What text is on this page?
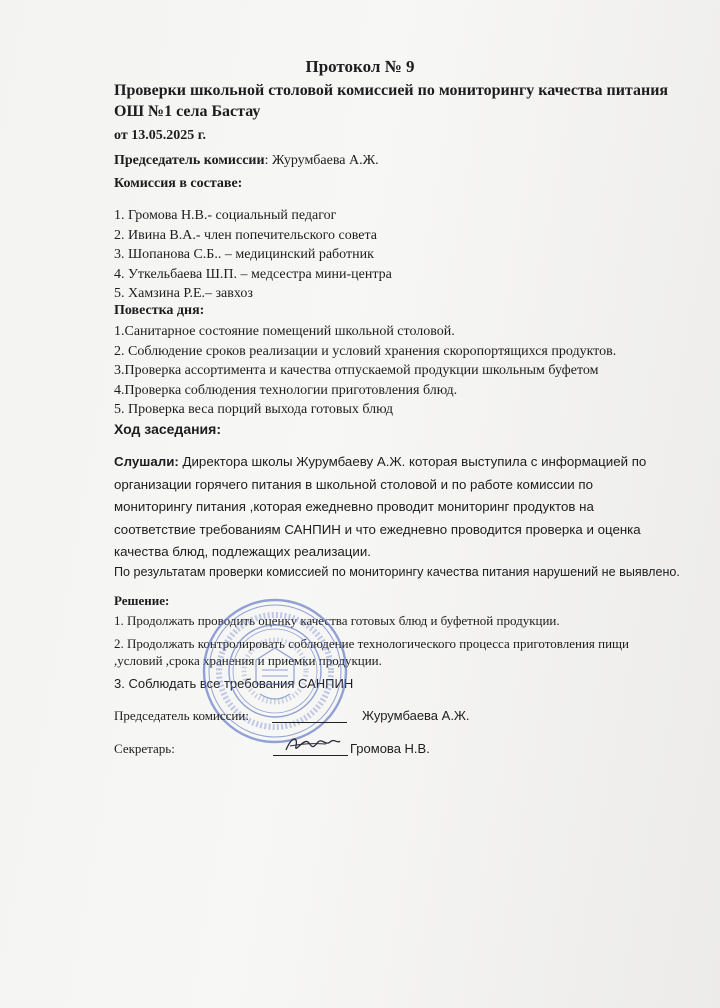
Протокол № 9
Проверки школьной столовой комиссией по мониторингу качества питания ОШ №1 села Бастау
от 13.05.2025 г.
Председатель комиссии: Журумбаева А.Ж.
Комиссия в составе:
1. Громова Н.В.- социальный педагог
2. Ивина В.А.- член попечительского совета
3. Шопанова С.Б.. – медицинский работник
4. Уткельбаева Ш.П. – медсестра мини-центра
5. Хамзина Р.Е.– завхоз
Повестка дня:
1.Санитарное состояние помещений школьной столовой.
2. Соблюдение сроков реализации и условий хранения скоропортящихся продуктов.
3.Проверка ассортимента и качества отпускаемой продукции школьным буфетом
4.Проверка соблюдения технологии приготовления блюд.
5. Проверка веса порций выхода готовых блюд
Ход заседания:
Слушали: Директора школы Журумбаеву А.Ж. которая выступила с информацией по организации горячего питания в школьной столовой и по работе комиссии по мониторингу питания ,которая ежедневно проводит мониторинг продуктов на соответствие требованиям САНПИН и что ежедневно проводится проверка и оценка качества блюд, подлежащих реализации.
По результатам проверки комиссией по мониторингу качества питания нарушений не выявлено.
Решение:
1. Продолжать проводить оценку качества готовых блюд и буфетной продукции.
2. Продолжать контролировать соблюдение технологического процесса приготовления пищи ,условий ,срока хранения и приемки продукции.
3. Соблюдать все требования САНПИН
Председатель комиссии:	Журумбаева А.Ж.
Секретарь:	Громова Н.В.
